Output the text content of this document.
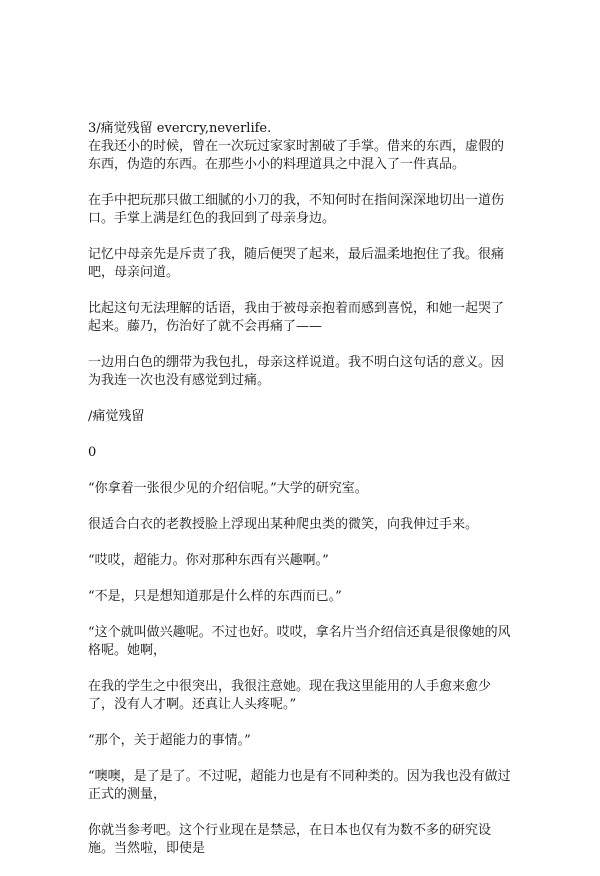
3/痛觉残留 evercry,neverlife.

在我还小的时候，曾在一次玩过家家时割破了手掌。借来的东西，虚假的东西，伪造的东西。在那些小小的料理道具之中混入了一件真品。

在手中把玩那只做工细腻的小刀的我，不知何时在指间深深地切出一道伤口。手掌上满是红色的我回到了母亲身边。

记忆中母亲先是斥责了我，随后便哭了起来，最后温柔地抱住了我。很痛吧，母亲问道。

比起这句无法理解的话语，我由于被母亲抱着而感到喜悦，和她一起哭了起来。藤乃，伤治好了就不会再痛了——

一边用白色的绷带为我包扎，母亲这样说道。我不明白这句话的意义。因为我连一次也没有感觉到过痛。

/痛觉残留

0

“你拿着一张很少见的介绍信呢。”大学的研究室。

很适合白衣的老教授脸上浮现出某种爬虫类的微笑，向我伸过手来。

“哎哎，超能力。你对那种东西有兴趣啊。”

“不是，只是想知道那是什么样的东西而已。”

“这个就叫做兴趣呢。不过也好。哎哎，拿名片当介绍信还真是很像她的风格呢。她啊，

在我的学生之中很突出，我很注意她。现在我这里能用的人手愈来愈少了，没有人才啊。还真让人头疼呢。”

“那个，关于超能力的事情。”

“噢噢，是了是了。不过呢，超能力也是有不同种类的。因为我也没有做过正式的测量，

你就当参考吧。这个行业现在是禁忌，在日本也仅有为数不多的研究设施。当然啦，即使是
